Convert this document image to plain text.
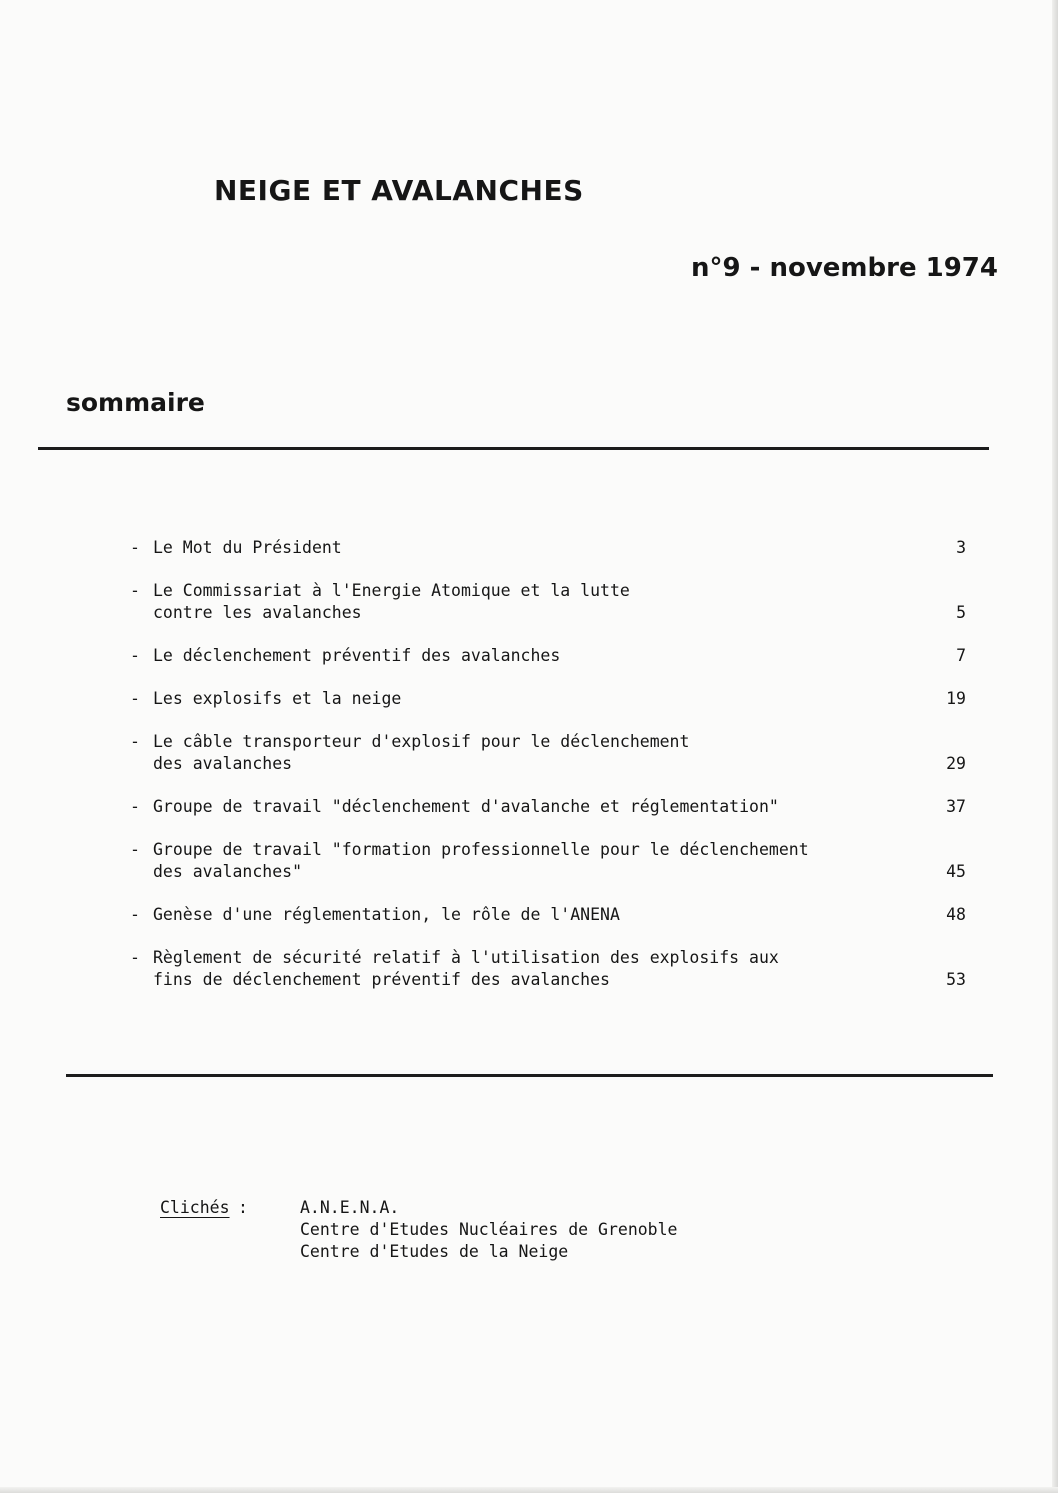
NEIGE ET AVALANCHES
n°9 - novembre 1974
sommaire
- Le Mot du Président	3
- Le Commissariat à l'Energie Atomique et la lutte
contre les avalanches	5
- Le déclenchement préventif des avalanches	7
- Les explosifs et la neige	19
- Le câble transporteur d'explosif pour le déclenchement
des avalanches	29
- Groupe de travail "déclenchement d'avalanche et réglementation"	37
- Groupe de travail "formation professionnelle pour le déclenchement
des avalanches"	45
- Genèse d'une réglementation, le rôle de l'ANENA	48
- Règlement de sécurité relatif à l'utilisation des explosifs aux
fins de déclenchement préventif des avalanches	53
Clichés :	A.N.E.N.A.
Centre d'Etudes Nucléaires de Grenoble
Centre d'Etudes de la Neige
